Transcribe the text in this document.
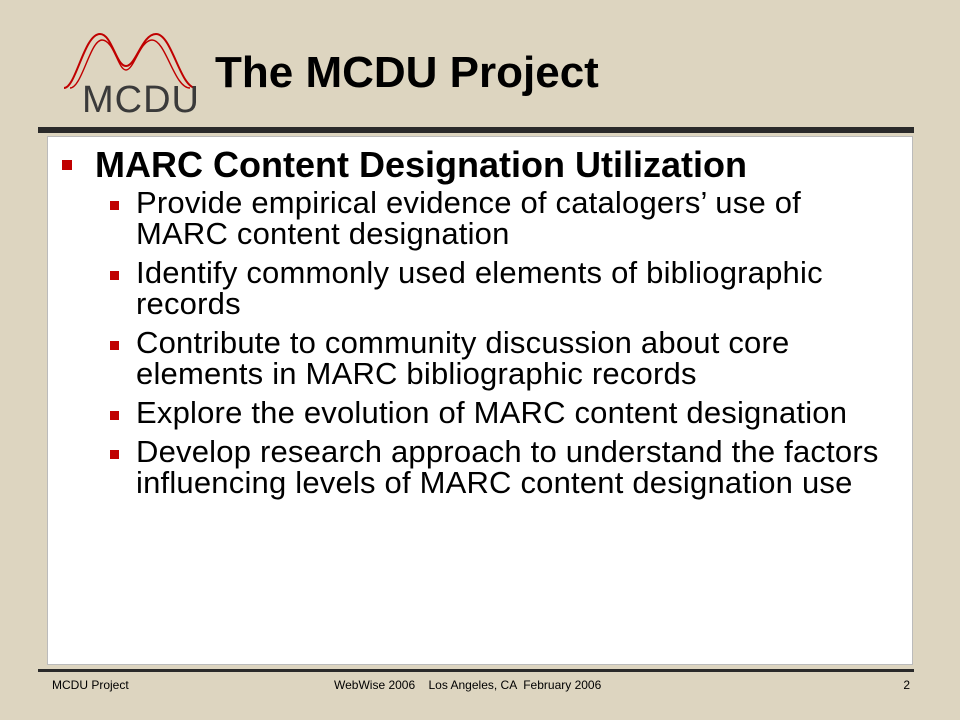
MCDU
The MCDU Project
MARC Content Designation Utilization
Provide empirical evidence of catalogers’ use of MARC content designation
Identify commonly used elements of bibliographic records
Contribute to community discussion about core elements in MARC bibliographic records
Explore the evolution of MARC content designation
Develop research approach to understand the factors influencing levels of MARC content designation use
MCDU Project	WebWise 2006    Los Angeles, CA  February 2006	2
